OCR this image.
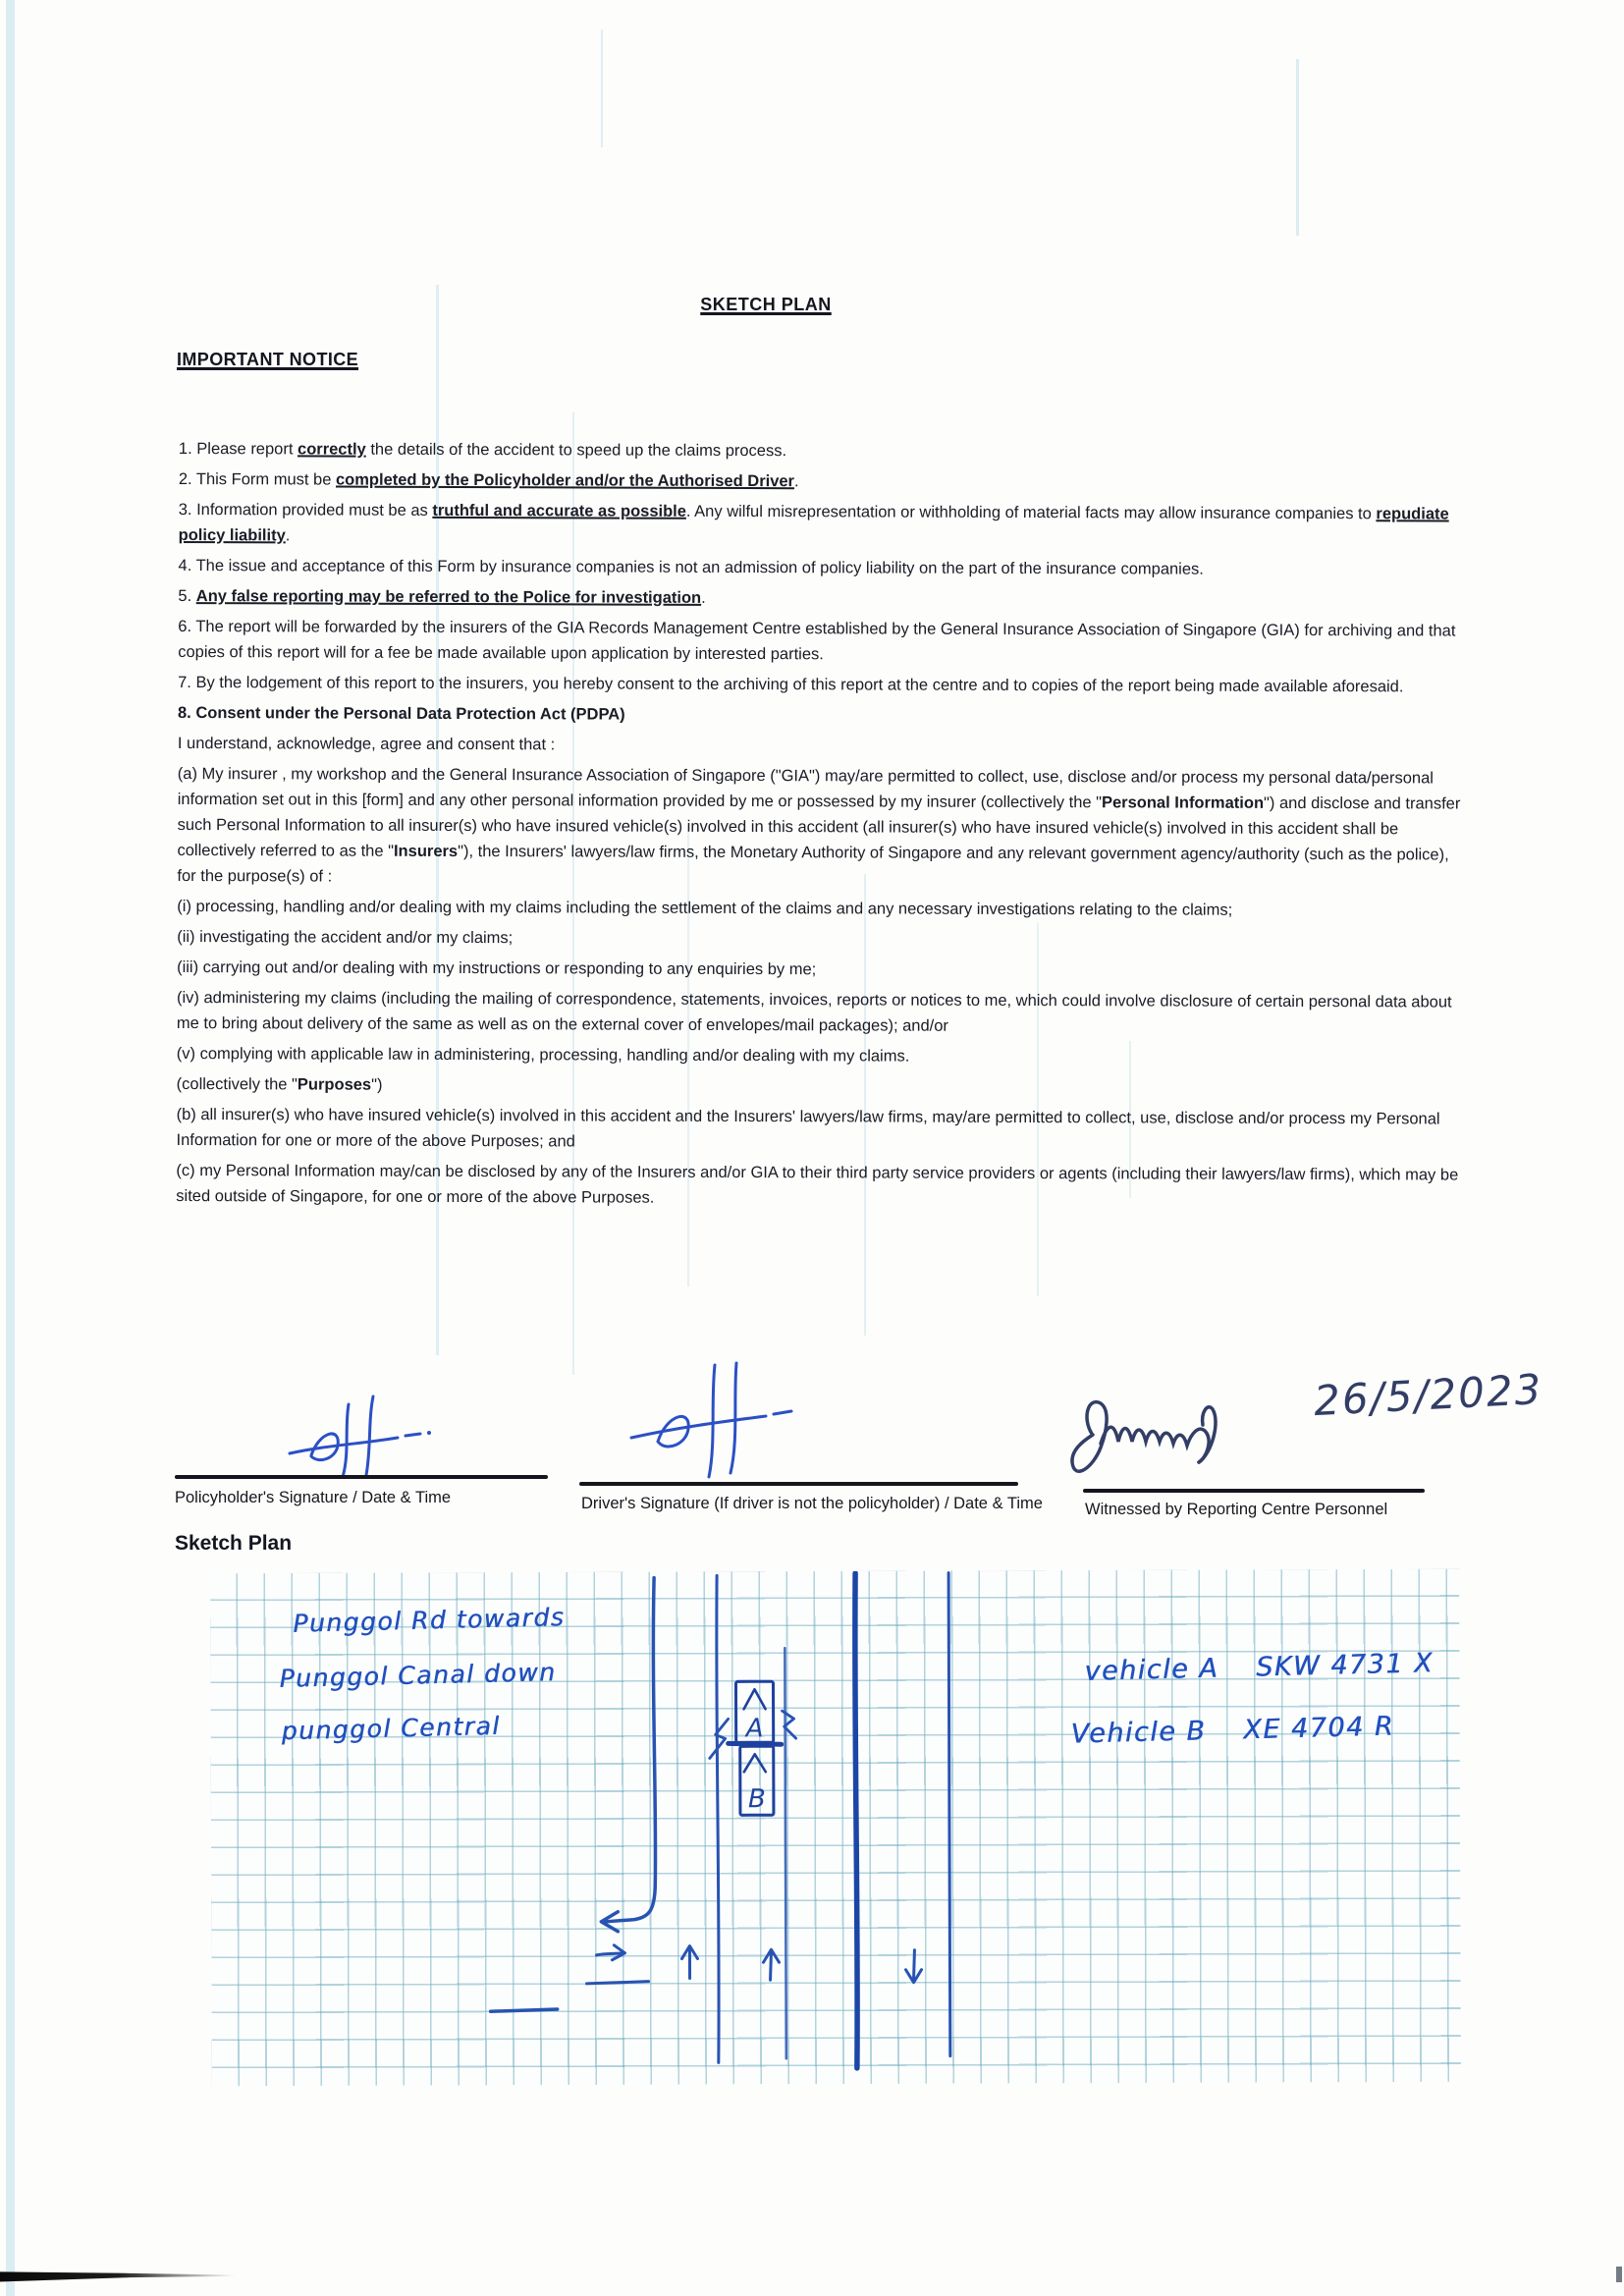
SKETCH PLAN
IMPORTANT NOTICE

1. Please report correctly the details of the accident to speed up the claims process.

2. This Form must be completed by the Policyholder and/or the Authorised Driver.

3. Information provided must be as truthful and accurate as possible. Any wilful misrepresentation or withholding of material facts may allow insurance companies to repudiate policy liability.

4. The issue and acceptance of this Form by insurance companies is not an admission of policy liability on the part of the insurance companies.

5. Any false reporting may be referred to the Police for investigation.

6. The report will be forwarded by the insurers of the GIA Records Management Centre established by the General Insurance Association of Singapore (GIA) for archiving and that copies of this report will for a fee be made available upon application by interested parties.

7. By the lodgement of this report to the insurers, you hereby consent to the archiving of this report at the centre and to copies of the report being made available aforesaid.

8. Consent under the Personal Data Protection Act (PDPA)

I understand, acknowledge, agree and consent that :

(a) My insurer , my workshop and the General Insurance Association of Singapore ("GIA") may/are permitted to collect, use, disclose and/or process my personal data/personal information set out in this [form] and any other personal information provided by me or possessed by my insurer (collectively the "Personal Information") and disclose and transfer such Personal Information to all insurer(s) who have insured vehicle(s) involved in this accident (all insurer(s) who have insured vehicle(s) involved in this accident shall be collectively referred to as the "Insurers"), the Insurers' lawyers/law firms, the Monetary Authority of Singapore and any relevant government agency/authority (such as the police), for the purpose(s) of :

(i) processing, handling and/or dealing with my claims including the settlement of the claims and any necessary investigations relating to the claims;

(ii) investigating the accident and/or my claims;

(iii) carrying out and/or dealing with my instructions or responding to any enquiries by me;

(iv) administering my claims (including the mailing of correspondence, statements, invoices, reports or notices to me, which could involve disclosure of certain personal data about me to bring about delivery of the same as well as on the external cover of envelopes/mail packages); and/or

(v) complying with applicable law in administering, processing, handling and/or dealing with my claims.

(collectively the "Purposes")

(b) all insurer(s) who have insured vehicle(s) involved in this accident and the Insurers' lawyers/law firms, may/are permitted to collect, use, disclose and/or process my Personal Information for one or more of the above Purposes; and

(c) my Personal Information may/can be disclosed by any of the Insurers and/or GIA to their third party service providers or agents (including their lawyers/law firms), which may be sited outside of Singapore, for one or more of the above Purposes.

Policyholder's Signature / Date & Time	Driver's Signature (If driver is not the policyholder) / Date & Time
26/5/2023
Witnessed by Reporting Centre Personnel
Sketch Plan
Punggol Rd towards
Punggol Canal down
punggol Central
vehicle A SKW 4731 X
Vehicle B XE 4704 R
A
B
